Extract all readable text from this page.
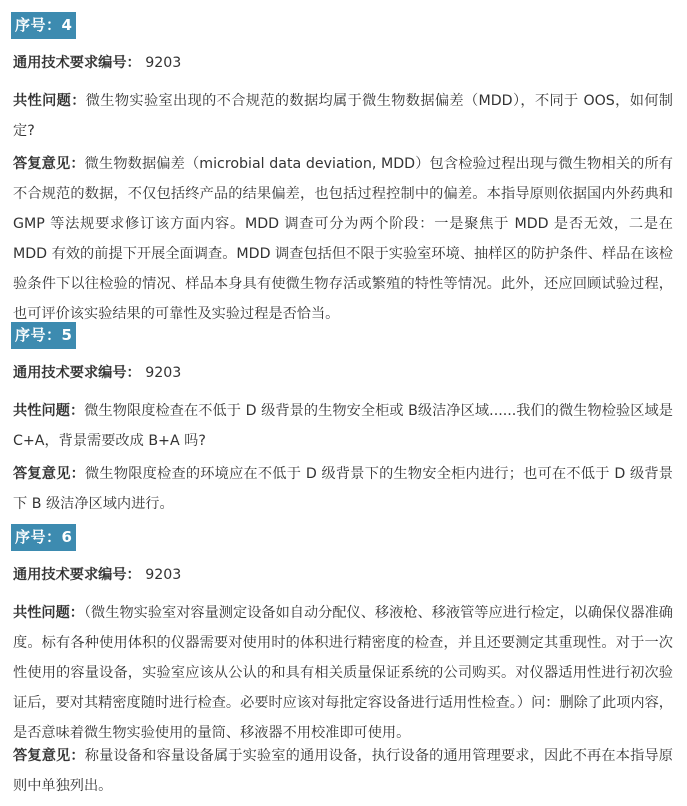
序号：4
通用技术要求编号： 9203
共性问题：微生物实验室出现的不合规范的数据均属于微生物数据偏差（MDD），不同于 OOS，如何制定?
答复意见：微生物数据偏差（microbial data deviation, MDD）包含检验过程出现与微生物相关的所有不合规范的数据，不仅包括终产品的结果偏差，也包括过程控制中的偏差。本指导原则依据国内外药典和 GMP 等法规要求修订该方面内容。MDD 调查可分为两个阶段：一是聚焦于 MDD 是否无效，二是在 MDD 有效的前提下开展全面调查。MDD 调查包括但不限于实验室环境、抽样区的防护条件、样品在该检验条件下以往检验的情况、样品本身具有使微生物存活或繁殖的特性等情况。此外，还应回顾试验过程，也可评价该实验结果的可靠性及实验过程是否恰当。
序号：5
通用技术要求编号： 9203
共性问题：微生物限度检查在不低于 D 级背景的生物安全柜或 B级洁净区域......我们的微生物检验区域是 C+A，背景需要改成 B+A 吗?
答复意见：微生物限度检查的环境应在不低于 D 级背景下的生物安全柜内进行；也可在不低于 D 级背景下 B 级洁净区域内进行。
序号：6
通用技术要求编号： 9203
共性问题：（微生物实验室对容量测定设备如自动分配仪、移液枪、移液管等应进行检定，以确保仪器准确度。标有各种使用体积的仪器需要对使用时的体积进行精密度的检查，并且还要测定其重现性。对于一次性使用的容量设备，实验室应该从公认的和具有相关质量保证系统的公司购买。对仪器适用性进行初次验证后，要对其精密度随时进行检查。必要时应该对每批定容设备进行适用性检查。）问：删除了此项内容，是否意味着微生物实验使用的量筒、移液器不用校准即可使用。
答复意见：称量设备和容量设备属于实验室的通用设备，执行设备的通用管理要求，因此不再在本指导原则中单独列出。
